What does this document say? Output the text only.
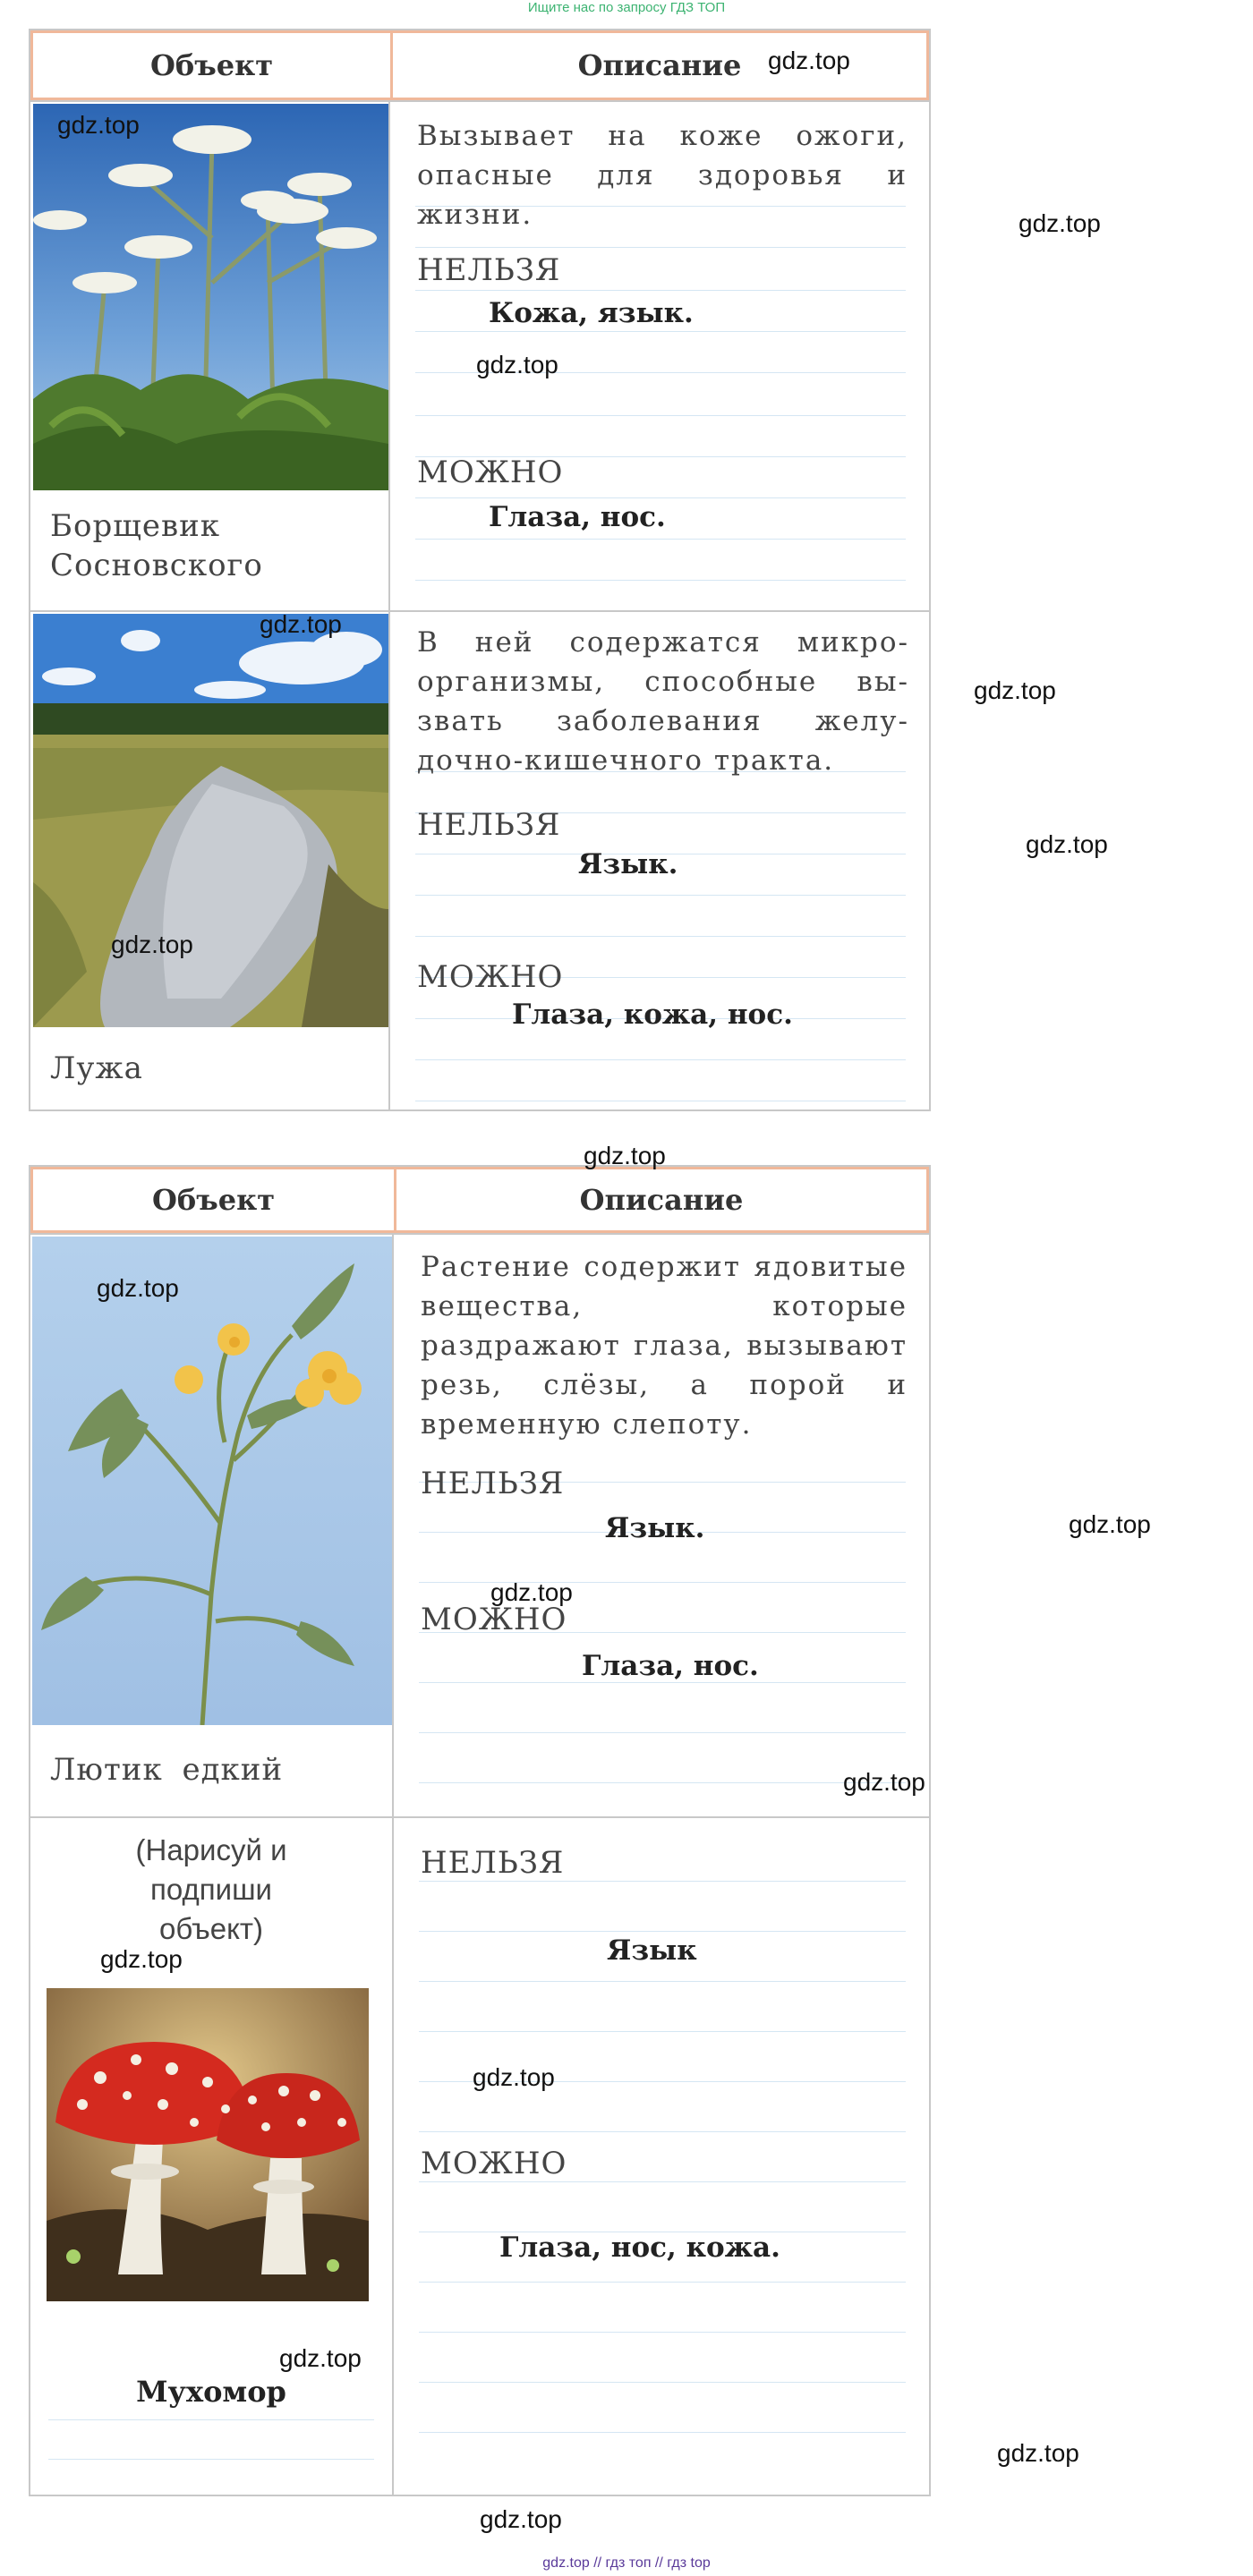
Ищите нас по запросу ГДЗ ТОП
Объект	Описание
Борщевик Сосновского
Вызывает на коже ожоги, опасные для здоровья и жизни.
НЕЛЬЗЯ
Кожа, язык.
МОЖНО
Глаза, нос.
Лужа
В ней содержатся микроорганизмы, способные вызвать заболевания желудочно-кишечного тракта.
НЕЛЬЗЯ
Язык.
МОЖНО
Глаза, кожа, нос.
Объект	Описание
Лютик едкий
Растение содержит ядовитые вещества, которые раздражают глаза, вызывают резь, слёзы, а порой и временную слепоту.
НЕЛЬЗЯ
Язык.
МОЖНО
Глаза, нос.
(Нарисуй и подпиши объект)
Мухомор
НЕЛЬЗЯ
Язык
МОЖНО
Глаза, нос, кожа.
gdz.top
gdz.top
gdz.top
gdz.top
gdz.top
gdz.top
gdz.top
gdz.top
gdz.top
gdz.top
gdz.top
gdz.top
gdz.top
gdz.top
gdz.top
gdz.top
gdz.top
gdz.top
gdz.top // гдз топ // гдз top
